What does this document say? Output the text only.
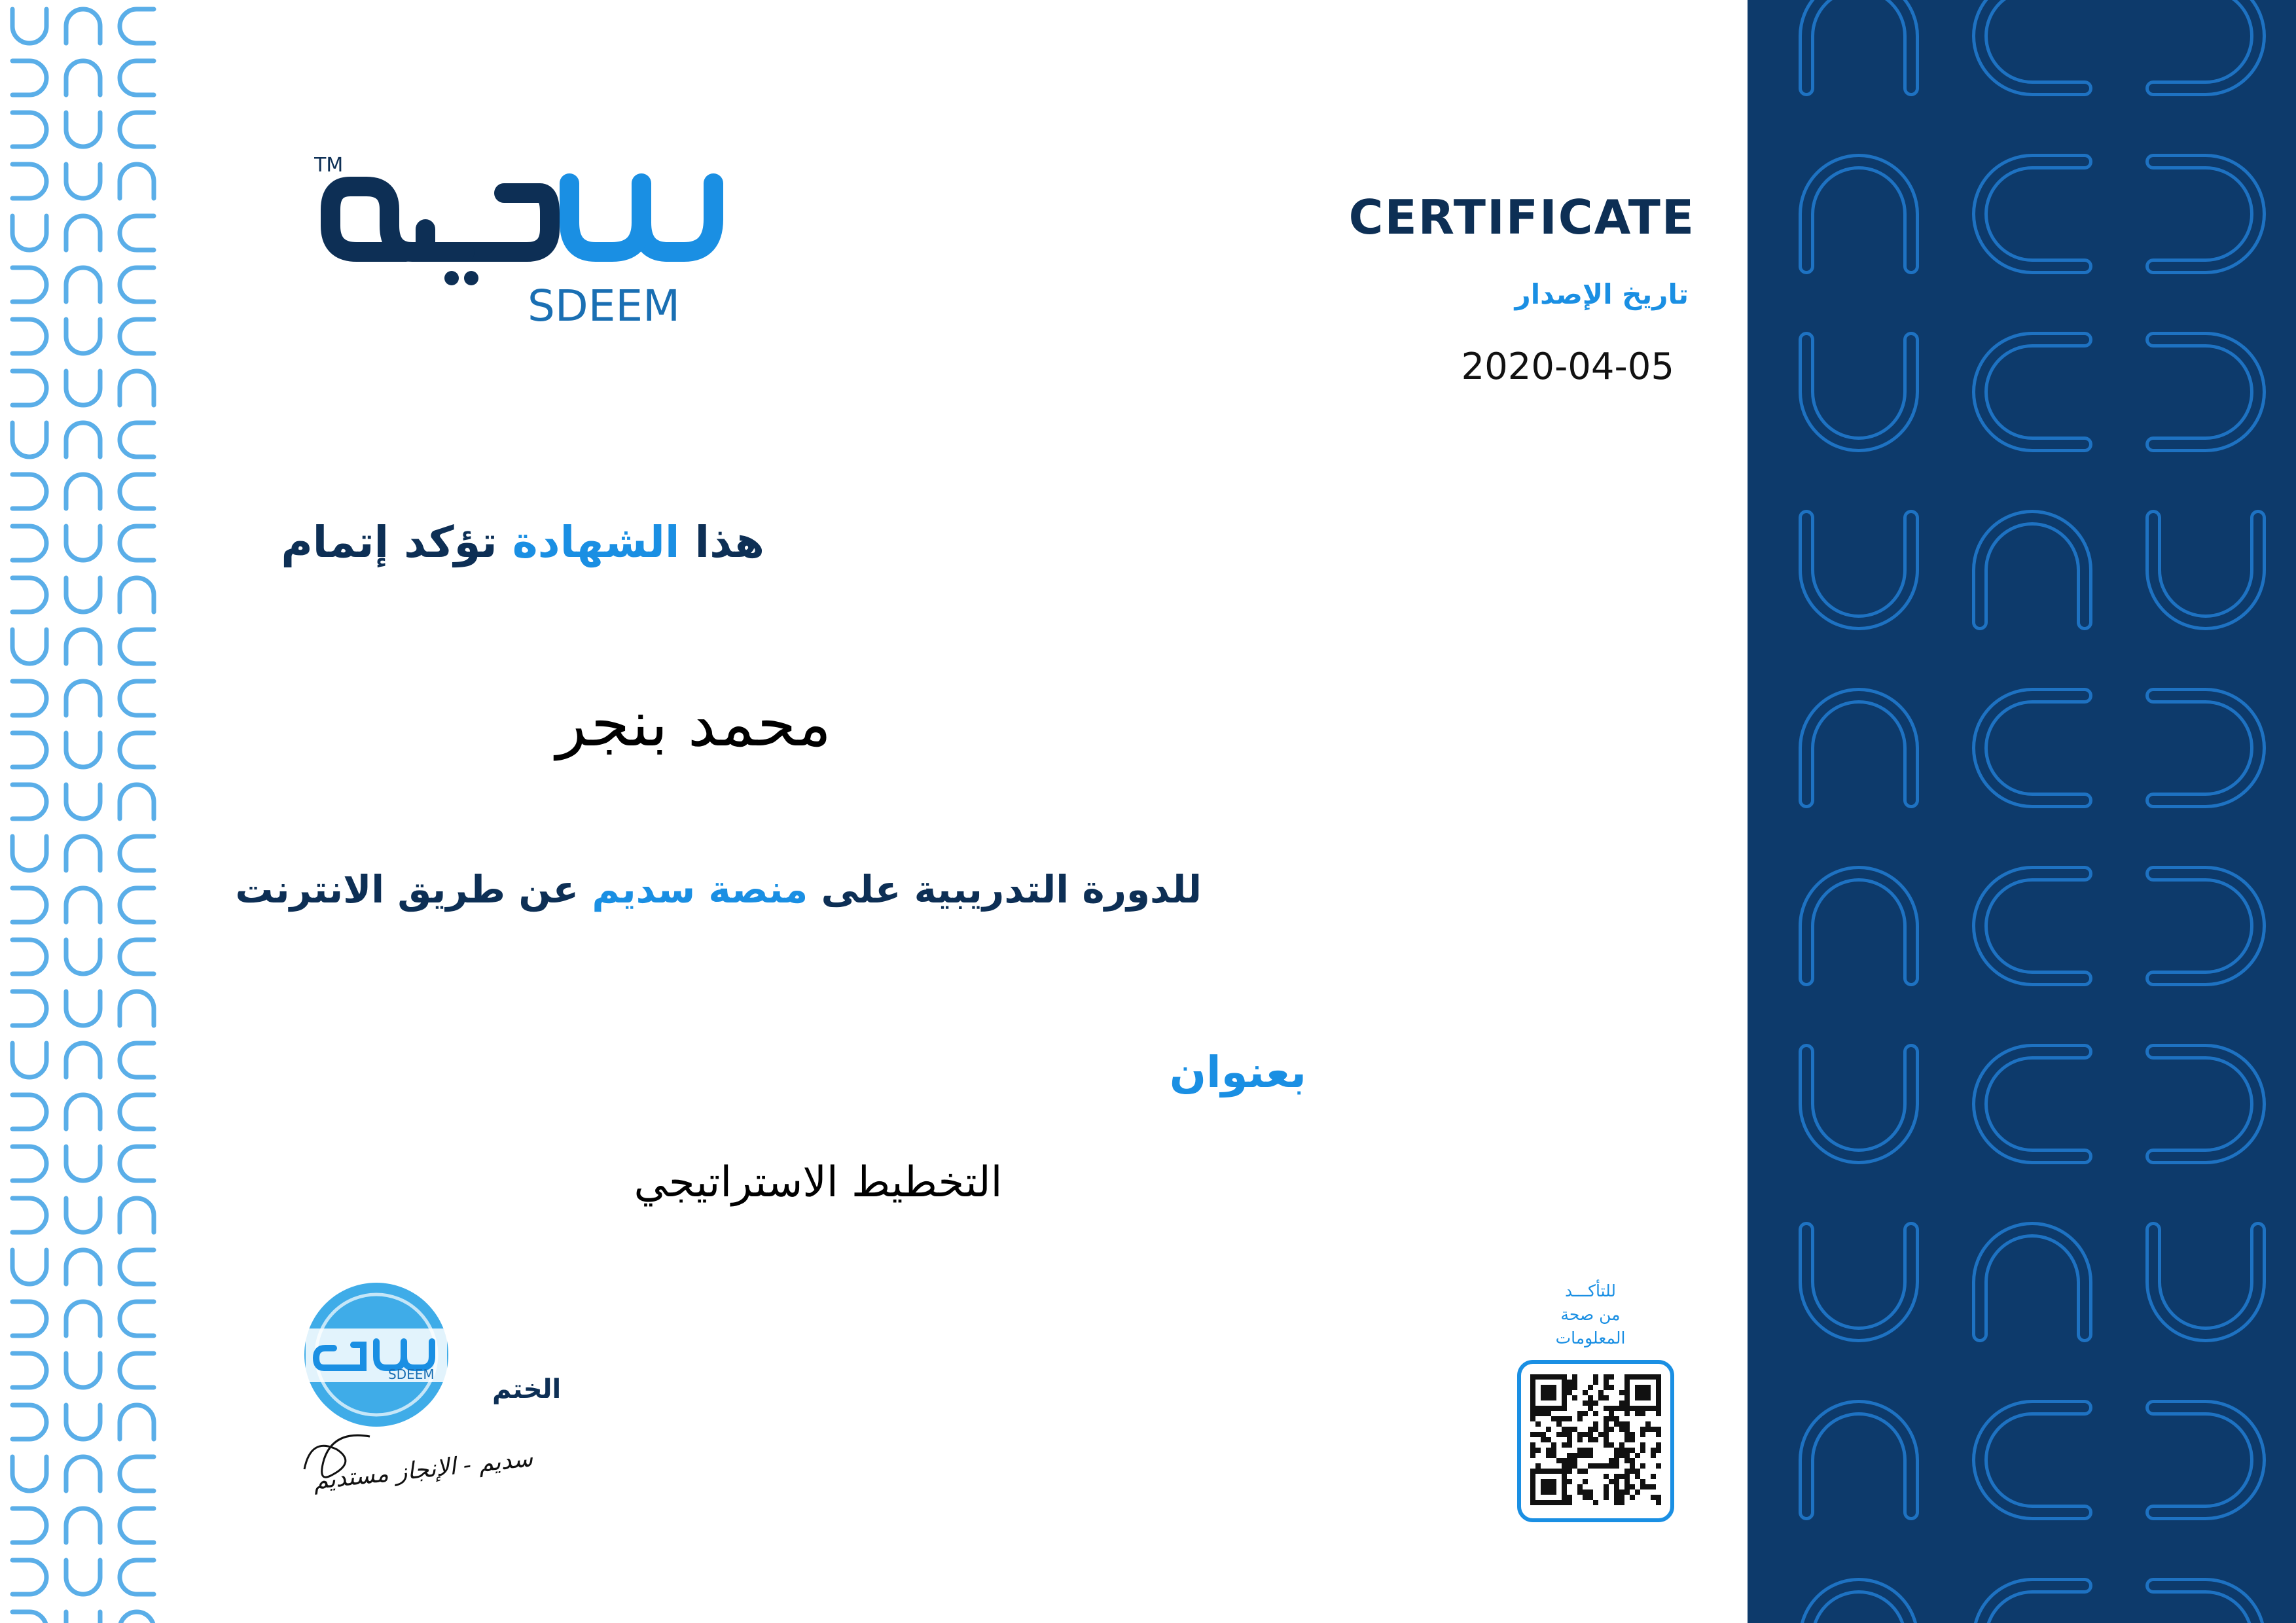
TM
SDEEM
CERTIFICATE
تاريخ الإصدار
2020-04-05
هذا الشهادة تؤكد إتمام
محمد بنجر
للدورة التدريبية على منصة سديم عن طريق الانترنت
بعنوان
التخطيط الاستراتيجي
SDEEM
سديم - الإنجاز مستديم
الختم
للتأكـــد
من صحة
المعلومات
